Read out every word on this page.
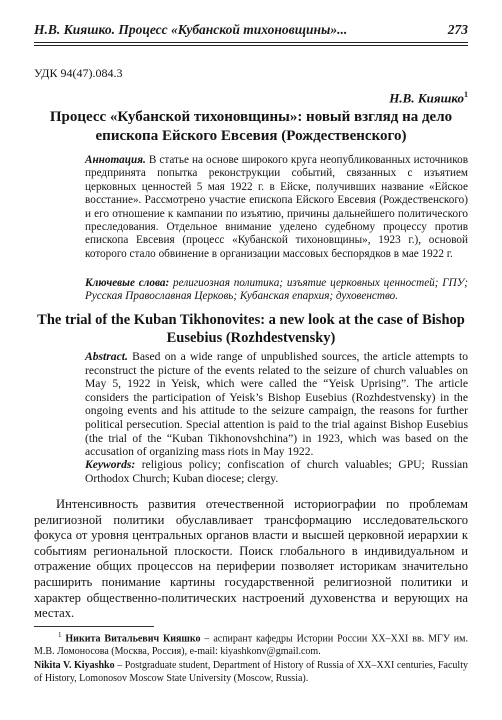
Н.В. Кияшко. Процесс «Кубанской тихоновщины»...	273
УДК 94(47).084.3
Н.В. Кияшко$^1$
Процесс «Кубанской тихоновщины»: новый взгляд на дело епископа Ейского Евсевия (Рождественского)
Аннотация. В статье на основе широкого круга неопубликованных источников предпринята попытка реконструкции событий, связанных с изъятием церковных ценностей 5 мая 1922 г. в Ейске, получивших название «Ейское восстание». Рассмотрено участие епископа Ейского Евсевия (Рождественского) и его отношение к кампании по изъятию, причины дальнейшего политического преследования. Отдельное внимание уделено судебному процессу против епископа Евсевия (процесс «Кубанской тихоновщины», 1923 г.), основой которого стало обвинение в организации массовых беспорядков в мае 1922 г.
Ключевые слова: религиозная политика; изъятие церковных ценностей; ГПУ; Русская Православная Церковь; Кубанская епархия; духовенство.
The trial of the Kuban Tikhonovites: a new look at the case of Bishop Eusebius (Rozhdestvensky)
Abstract. Based on a wide range of unpublished sources, the article attempts to reconstruct the picture of the events related to the seizure of church valuables on May 5, 1922 in Yeisk, which were called the “Yeisk Uprising”. The article considers the participation of Yeisk’s Bishop Eusebius (Rozhdestvensky) in the ongoing events and his attitude to the seizure campaign, the reasons for further political persecution. Special attention is paid to the trial against Bishop Eusebius (the trial of the “Kuban Tikhonovshchina”) in 1923, which was based on the accusation of organizing mass riots in May 1922.
Keywords: religious policy; confiscation of church valuables; GPU; Russian Orthodox Church; Kuban diocese; clergy.
Интенсивность развития отечественной историографии по проблемам религиозной политики обуславливает трансформацию исследовательского фокуса от уровня центральных органов власти и высшей церковной иерархии к событиям региональной плоскости. Поиск глобального в индивидуальном и отражение общих процессов на периферии позволяет историкам значительно расширить понимание картины государственной религиозной политики и характер общественно-политических настроений духовенства и верующих на местах.
$^1$ Никита Витальевич Кияшко – аспирант кафедры Истории России XX–XXI вв. МГУ им. М.В. Ломоносова (Москва, Россия), e-mail: kiyashkonv@gmail.com.
Nikita V. Kiyashko – Postgraduate student, Department of History of Russia of XX–XXI centuries, Faculty of History, Lomonosov Moscow State University (Moscow, Russia).
